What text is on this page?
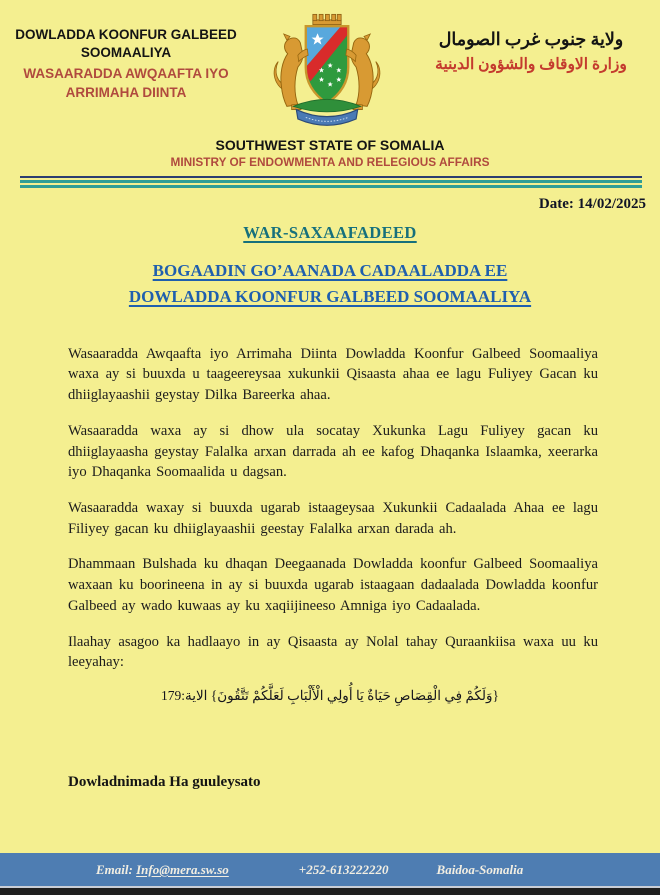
DOWLADDA KOONFUR GALBEED SOOMAALIYA
WASAARADDA AWQAAFTA IYO ARRIMAHA DIINTA
ولاية جنوب غرب الصومال
وزارة الاوقاف والشؤون الدينية
SOUTHWEST STATE OF SOMALIA
MINISTRY OF ENDOWMENTA AND RELEGIOUS AFFAIRS
Date: 14/02/2025
WAR-SAXAAFADEED
BOGAADIN GO’AANADA CADAALADDA EE
DOWLADDA KOONFUR GALBEED SOOMAALIYA

Wasaaradda Awqaafta iyo Arrimaha Diinta Dowladda Koonfur Galbeed Soomaaliya waxa ay si buuxda u taageereysaa xukunkii Qisaasta ahaa ee lagu Fuliyey Gacan ku dhiiglayaashii geystay Dilka Bareerka ahaa.

Wasaaradda waxa ay si dhow ula socatay Xukunka Lagu Fuliyey gacan ku dhiiglayaasha geystay Falalka arxan darrada ah ee kafog Dhaqanka Islaamka, xeerarka iyo Dhaqanka Soomaalida u dagsan.

Wasaaradda waxay si buuxda ugarab istaageysaa Xukunkii Cadaalada Ahaa ee lagu Filiyey gacan ku dhiiglayaashii geestay Falalka arxan darada ah.

Dhammaan Bulshada ku dhaqan Deegaanada Dowladda koonfur Galbeed Soomaaliya waxaan ku boorineena in ay si buuxda ugarab istaagaan dadaalada Dowladda koonfur Galbeed ay wado kuwaas ay ku xaqiijineeso Amniga iyo Cadaalada.

Ilaahay asagoo ka hadlaayo in ay Qisaasta ay Nolal tahay Quraankiisa waxa uu ku leeyahay:

{وَلَكُمْ فِي الْقِصَاصِ حَيَاةٌ يَا أُولِي الْأَلْبَابِ لَعَلَّكُمْ تَتَّقُونَ} الاية:179
Dowladnimada Ha guuleysato
Email: Info@mera.sw.so	+252-613222220	Baidoa-Somalia
